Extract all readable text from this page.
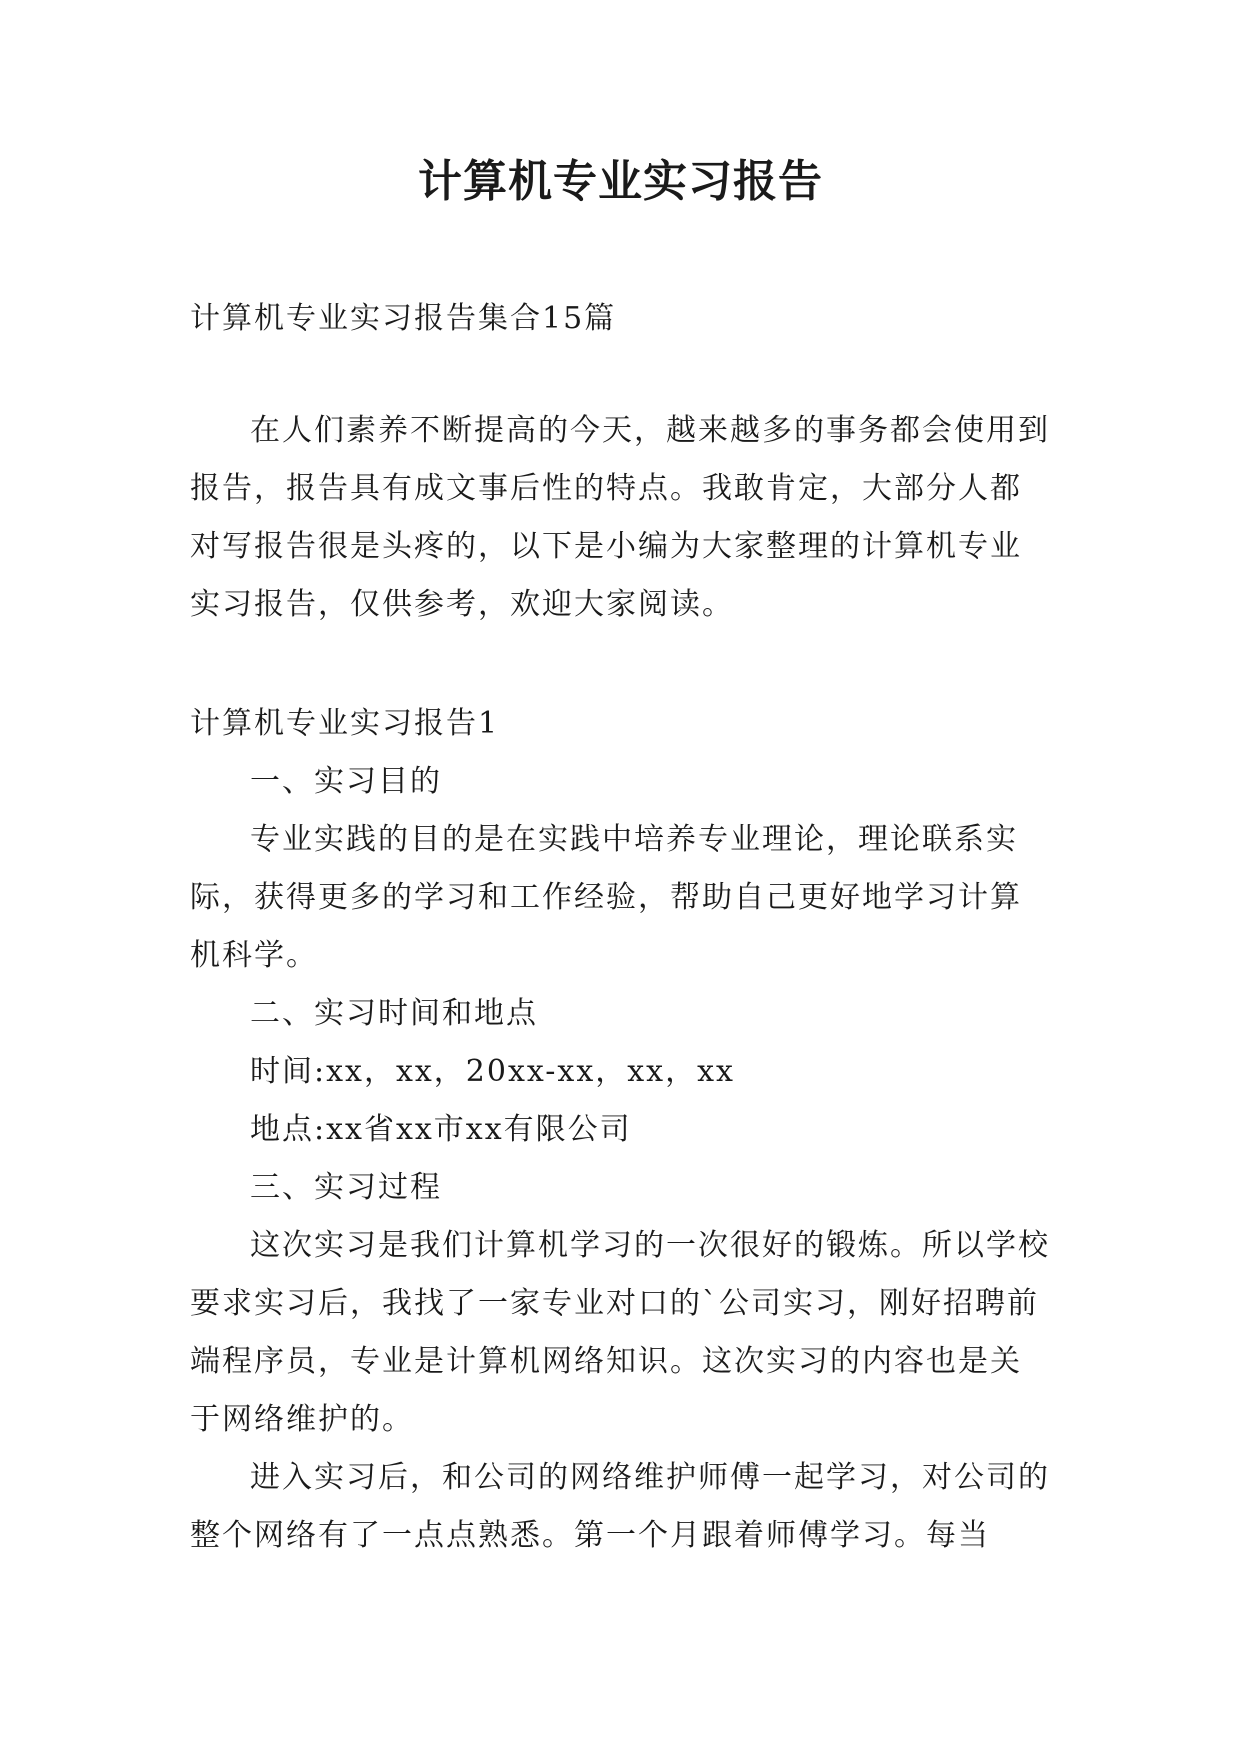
计算机专业实习报告
计算机专业实习报告集合15篇
在人们素养不断提高的今天，越来越多的事务都会使用到报告，报告具有成文事后性的特点。我敢肯定，大部分人都对写报告很是头疼的，以下是小编为大家整理的计算机专业实习报告，仅供参考，欢迎大家阅读。

计算机专业实习报告1

一、实习目的

专业实践的目的是在实践中培养专业理论，理论联系实际，获得更多的学习和工作经验，帮助自己更好地学习计算机科学。

二、实习时间和地点

时间:xx，xx，20xx-xx，xx，xx

地点:xx省xx市xx有限公司

三、实习过程

这次实习是我们计算机学习的一次很好的锻炼。所以学校要求实习后，我找了一家专业对口的`公司实习，刚好招聘前端程序员，专业是计算机网络知识。这次实习的内容也是关于网络维护的。

进入实习后，和公司的网络维护师傅一起学习，对公司的整个网络有了一点点熟悉。第一个月跟着师傅学习。每当
